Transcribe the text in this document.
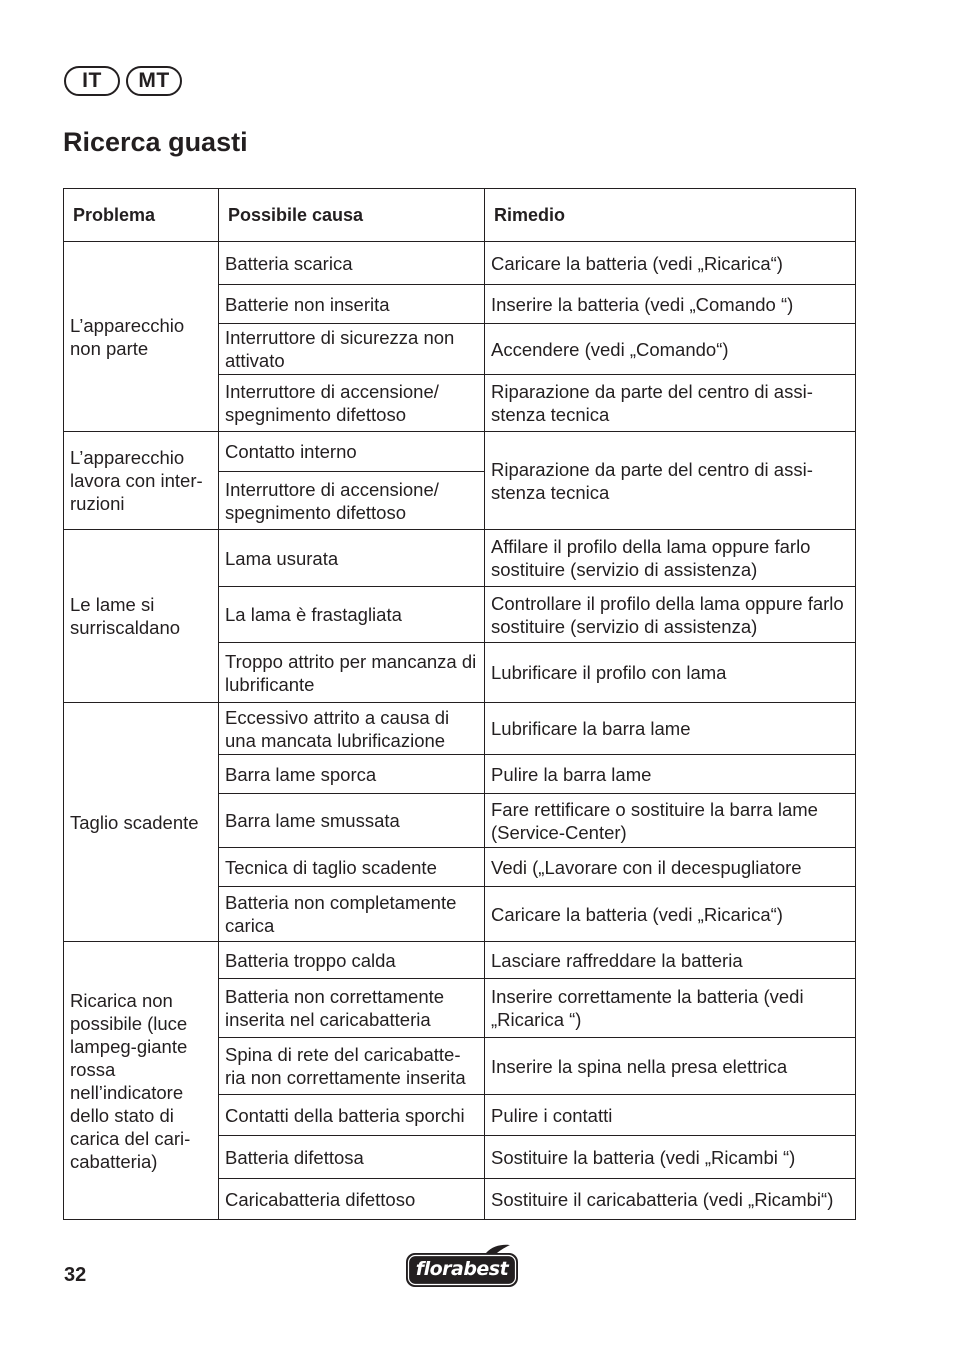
IT	MT
Ricerca guasti
Problema	Possibile causa	Rimedio
L’apparecchio non parte	Batteria scarica	Caricare la batteria (vedi „Ricarica“)
	Batterie non inserita	Inserire la batteria (vedi „Comando “)
	Interruttore di sicurezza non attivato	Accendere (vedi „Comando“)
	Interruttore di accensione/ spegnimento difettoso	Riparazione da parte del centro di assi-stenza tecnica
L’apparecchio lavora con inter-ruzioni	Contatto interno	Riparazione da parte del centro di assi-stenza tecnica
	Interruttore di accensione/ spegnimento difettoso	
Le lame si surriscaldano	Lama usurata	Affilare il profilo della lama oppure farlo sostituire (servizio di assistenza)
	La lama è frastagliata	Controllare il profilo della lama oppure farlo sostituire (servizio di assistenza)
	Troppo attrito per mancanza di lubrificante	Lubrificare il profilo con lama
Taglio scadente	Eccessivo attrito a causa di una mancata lubrificazione	Lubrificare la barra lame
	Barra lame sporca	Pulire la barra lame
	Barra lame smussata	Fare rettificare o sostituire la barra lame (Service-Center)
	Tecnica di taglio scadente	Vedi („Lavorare con il decespugliatore
	Batteria non completamente carica	Caricare la batteria (vedi „Ricarica“)
Ricarica non possibile (luce lampeg-giante rossa nell’indicatore dello stato di carica del cari-cabatteria)	Batteria troppo calda	Lasciare raffreddare la batteria
	Batteria non correttamente inserita nel caricabatteria	Inserire correttamente la batteria (vedi „Ricarica “)
	Spina di rete del caricabatte-ria non correttamente inserita	Inserire la spina nella presa elettrica
	Contatti della batteria sporchi	Pulire i contatti
	Batteria difettosa	Sostituire la batteria (vedi „Ricambi “)
	Caricabatteria difettoso	Sostituire il caricabatteria (vedi „Ricambi“)
32	florabest
